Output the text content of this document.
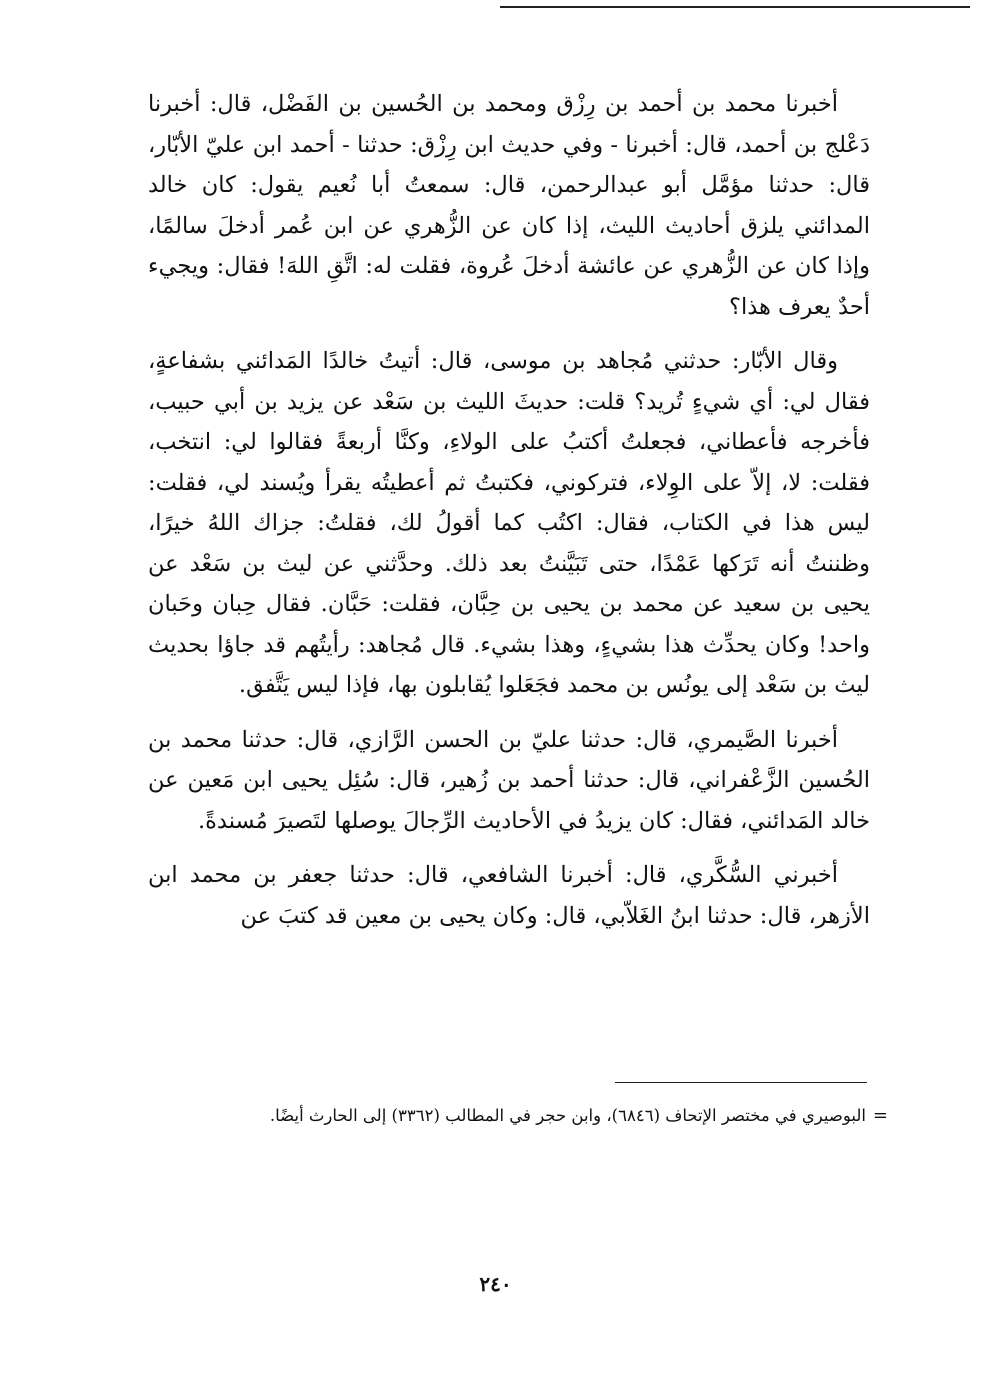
أخبرنا محمد بن أحمد بن رِزْق ومحمد بن الحُسين بن الفَضْل، قال: أخبرنا دَعْلج بن أحمد، قال: أخبرنا - وفي حديث ابن رِزْق: حدثنا - أحمد ابن عليّ الأبّار، قال: حدثنا مؤمَّل أبو عبدالرحمن، قال: سمعتُ أبا نُعيم يقول: كان خالد المدائني يلزق أحاديث الليث، إذا كان عن الزُّهري عن ابن عُمر أدخلَ سالمًا، وإذا كان عن الزُّهري عن عائشة أدخلَ عُروة، فقلت له: اتَّقِ اللهَ! فقال: ويجيء أحدٌ يعرف هذا؟

وقال الأبّار: حدثني مُجاهد بن موسى، قال: أتيتُ خالدًا المَدائني بشفاعةٍ، فقال لي: أي شيءٍ تُريد؟ قلت: حديثَ الليث بن سَعْد عن يزيد بن أبي حبيب، فأخرجه فأعطاني، فجعلتُ أكتبُ على الولاءِ، وكنَّا أربعةً فقالوا لي: انتخب، فقلت: لا، إلاّ على الوِلاء، فتركوني، فكتبتُ ثم أعطيتُه يقرأ ويُسند لي، فقلت: ليس هذا في الكتاب، فقال: اكتُب كما أقولُ لك، فقلتُ: جزاك اللهُ خيرًا، وظننتُ أنه تَرَكها عَمْدًا، حتى تَبَيَّنتُ بعد ذلك. وحدَّثني عن ليث بن سَعْد عن يحيى بن سعيد عن محمد بن يحيى بن حِبَّان، فقلت: حَبَّان. فقال حِبان وحَبان واحد! وكان يحدِّث هذا بشيءٍ، وهذا بشيء. قال مُجاهد: رأيتُهم قد جاؤا بحديث ليث بن سَعْد إلى يونُس بن محمد فجَعَلوا يُقابلون بها، فإذا ليس يَتَّفق.

أخبرنا الصَّيمري، قال: حدثنا عليّ بن الحسن الرَّازي، قال: حدثنا محمد بن الحُسين الزَّعْفراني، قال: حدثنا أحمد بن زُهير، قال: سُئِل يحيى ابن مَعين عن خالد المَدائني، فقال: كان يزيدُ في الأحاديث الرِّجالَ يوصلها لتَصيرَ مُسندةً.

أخبرني السُّكَّري، قال: أخبرنا الشافعي، قال: حدثنا جعفر بن محمد ابن الأزهر، قال: حدثنا ابنُ الغَلاّبي، قال: وكان يحيى بن معين قد كتبَ عن

=
البوصيري في مختصر الإتحاف (٦٨٤٦)، وابن حجر في المطالب (٣٣٦٢) إلى الحارث أيضًا.
٢٤٠
